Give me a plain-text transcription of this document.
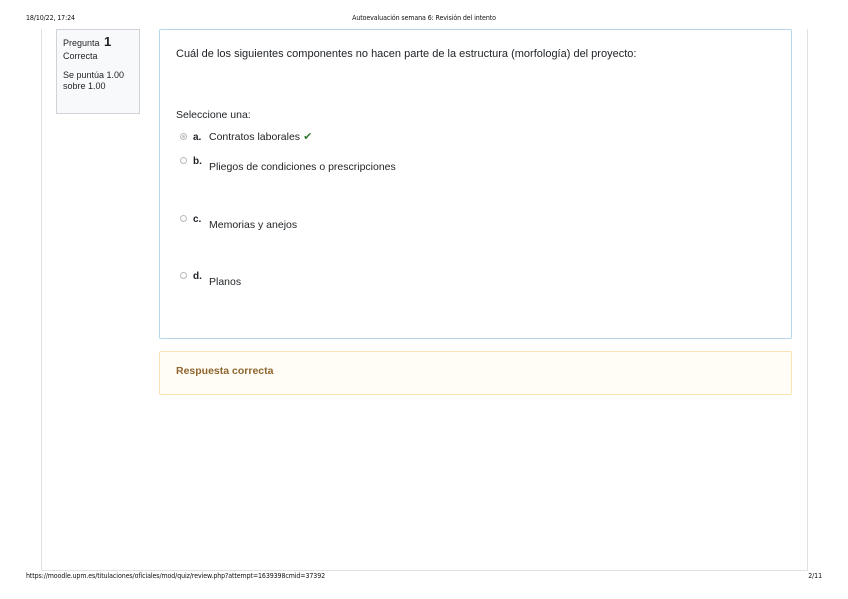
18/10/22, 17:24	Autoevaluación semana 6: Revisión del intento
Pregunta 1
Correcta
Se puntúa 1.00 sobre 1.00
Cuál de los siguientes componentes no hacen parte de la estructura (morfología) del proyecto:
Seleccione una:
a. Contratos laborales ✔
b. Pliegos de condiciones o prescripciones
c. Memorias y anejos
d. Planos
Respuesta correcta
https://moodle.upm.es/titulaciones/oficiales/mod/quiz/review.php?attempt=1639398cmid=37392	2/11
